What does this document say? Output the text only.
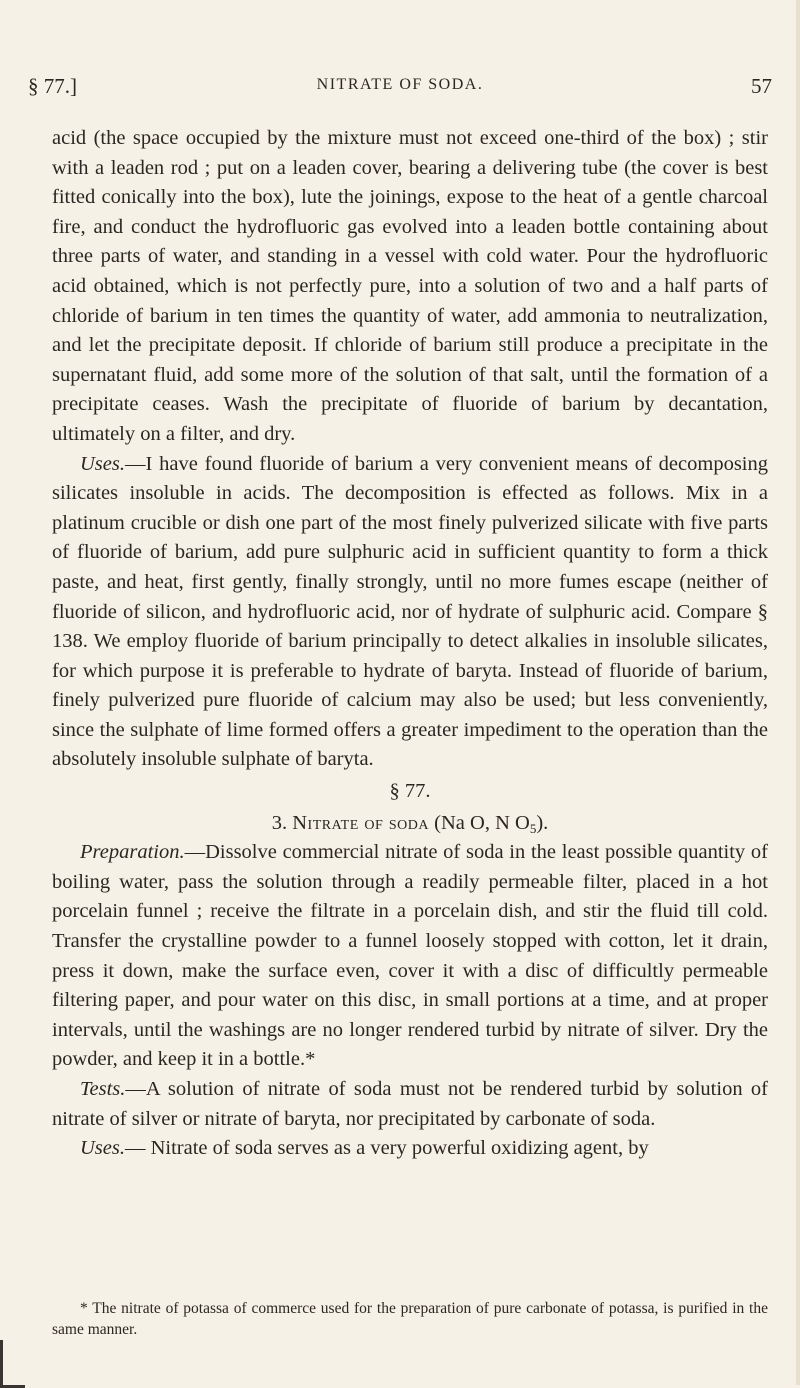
§ 77.]	NITRATE OF SODA.	57

acid (the space occupied by the mixture must not exceed one-third of the box) ; stir with a leaden rod ; put on a leaden cover, bearing a delivering tube (the cover is best fitted conically into the box), lute the joinings, expose to the heat of a gentle charcoal fire, and conduct the hydrofluoric gas evolved into a leaden bottle containing about three parts of water, and standing in a vessel with cold water. Pour the hydrofluoric acid obtained, which is not perfectly pure, into a solution of two and a half parts of chloride of barium in ten times the quantity of water, add ammonia to neutralization, and let the precipitate deposit. If chloride of barium still produce a precipitate in the supernatant fluid, add some more of the solution of that salt, until the formation of a precipitate ceases. Wash the precipitate of fluoride of barium by decantation, ultimately on a filter, and dry.

Uses.—I have found fluoride of barium a very convenient means of decomposing silicates insoluble in acids. The decomposition is effected as follows. Mix in a platinum crucible or dish one part of the most finely pulverized silicate with five parts of fluoride of barium, add pure sulphuric acid in sufficient quantity to form a thick paste, and heat, first gently, finally strongly, until no more fumes escape (neither of fluoride of silicon, and hydrofluoric acid, nor of hydrate of sulphuric acid. Compare § 138. We employ fluoride of barium principally to detect alkalies in insoluble silicates, for which purpose it is preferable to hydrate of baryta. Instead of fluoride of barium, finely pulverized pure fluoride of calcium may also be used; but less conveniently, since the sulphate of lime formed offers a greater impediment to the operation than the absolutely insoluble sulphate of baryta.

§ 77.

3. Nitrate of soda (Na O, N $O_5$).

Preparation.—Dissolve commercial nitrate of soda in the least possible quantity of boiling water, pass the solution through a readily permeable filter, placed in a hot porcelain funnel ; receive the filtrate in a porcelain dish, and stir the fluid till cold. Transfer the crystalline powder to a funnel loosely stopped with cotton, let it drain, press it down, make the surface even, cover it with a disc of difficultly permeable filtering paper, and pour water on this disc, in small portions at a time, and at proper intervals, until the washings are no longer rendered turbid by nitrate of silver. Dry the powder, and keep it in a bottle.*

Tests.—A solution of nitrate of soda must not be rendered turbid by solution of nitrate of silver or nitrate of baryta, nor precipitated by carbonate of soda.

Uses.— Nitrate of soda serves as a very powerful oxidizing agent, by

* The nitrate of potassa of commerce used for the preparation of pure carbonate of potassa, is purified in the same manner.
